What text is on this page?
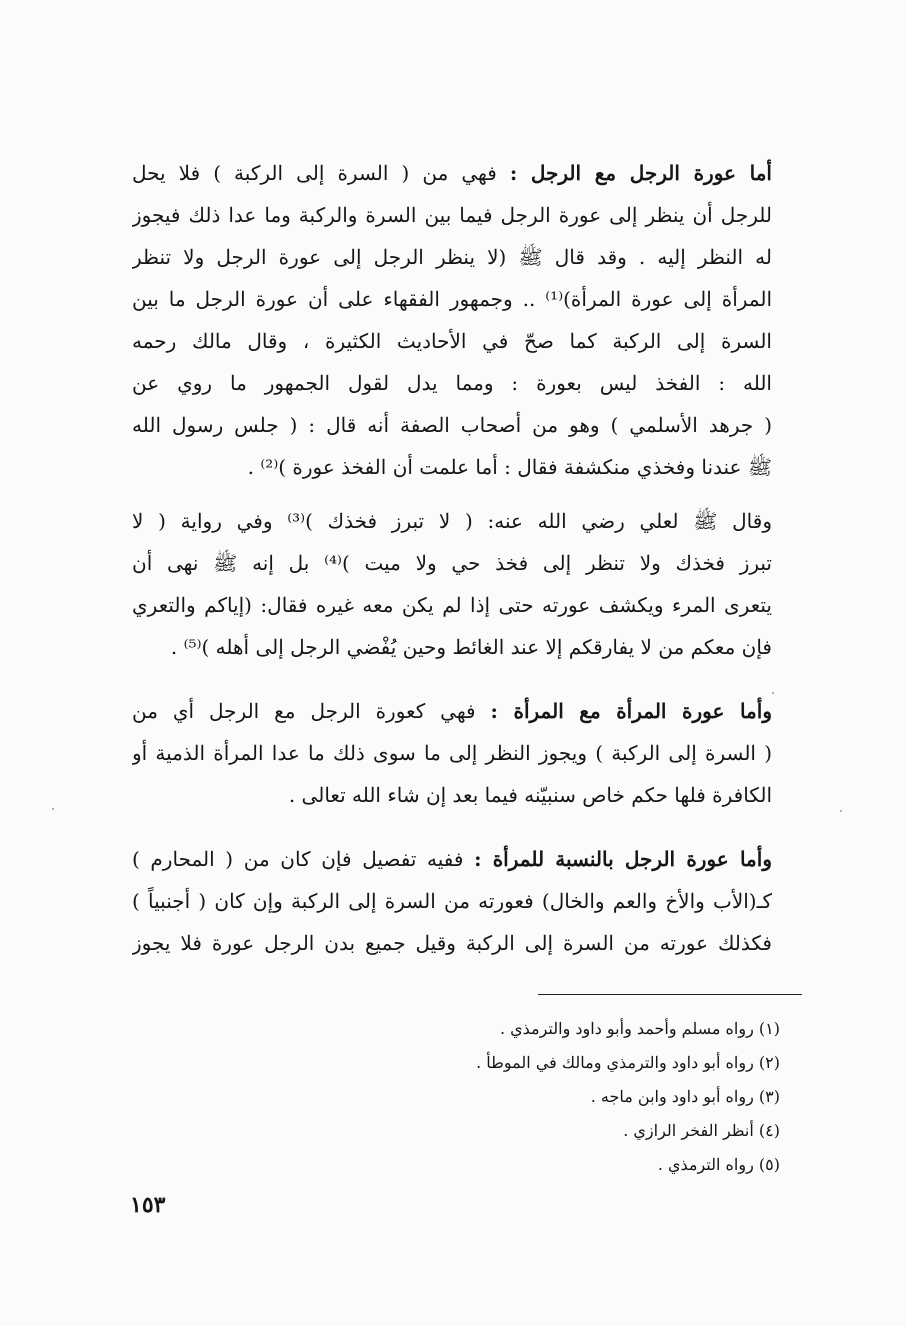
أما عورة الرجل مع الرجل : فهي من ( السرة إلى الركبة ) فلا يحل
للرجل أن ينظر إلى عورة الرجل فيما بين السرة والركبة وما عدا ذلك فيجوز
له النظر إليه . وقد قال ﷺ (لا ينظر الرجل إلى عورة الرجل ولا تنظر
المرأة إلى عورة المرأة)⁽¹⁾ .. وجمهور الفقهاء على أن عورة الرجل ما بين
السرة إلى الركبة كما صحّ في الأحاديث الكثيرة ، وقال مالك رحمه
الله : الفخذ ليس بعورة : ومما يدل لقول الجمهور ما روي عن
( جرهد الأسلمي ) وهو من أصحاب الصفة أنه قال : ( جلس رسول الله
ﷺ عندنا وفخذي منكشفة فقال : أما علمت أن الفخذ عورة )⁽²⁾ .
وقال ﷺ لعلي رضي الله عنه: ( لا تبرز فخذك )⁽³⁾ وفي رواية ( لا
تبرز فخذك ولا تنظر إلى فخذ حي ولا ميت )⁽⁴⁾ بل إنه ﷺ نهى أن
يتعرى المرء ويكشف عورته حتى إذا لم يكن معه غيره فقال: (إياكم والتعري
فإن معكم من لا يفارقكم إلا عند الغائط وحين يُفْضي الرجل إلى أهله )⁽⁵⁾ .
وأما عورة المرأة مع المرأة : فهي كعورة الرجل مع الرجل أي من
( السرة إلى الركبة ) ويجوز النظر إلى ما سوى ذلك ما عدا المرأة الذمية أو
الكافرة فلها حكم خاص سنبيّنه فيما بعد إن شاء الله تعالى .
وأما عورة الرجل بالنسبة للمرأة : ففيه تفصيل فإن كان من ( المحارم )
كـ(الأب والأخ والعم والخال) فعورته من السرة إلى الركبة وإن كان ( أجنبياً )
فكذلك عورته من السرة إلى الركبة وقيل جميع بدن الرجل عورة فلا يجوز
(١) رواه مسلم وأحمد وأبو داود والترمذي .
(٢) رواه أبو داود والترمذي ومالك في الموطأ .
(٣) رواه أبو داود وابن ماجه .
(٤) أنظر الفخر الرازي .
(٥) رواه الترمذي .
١٥٣
